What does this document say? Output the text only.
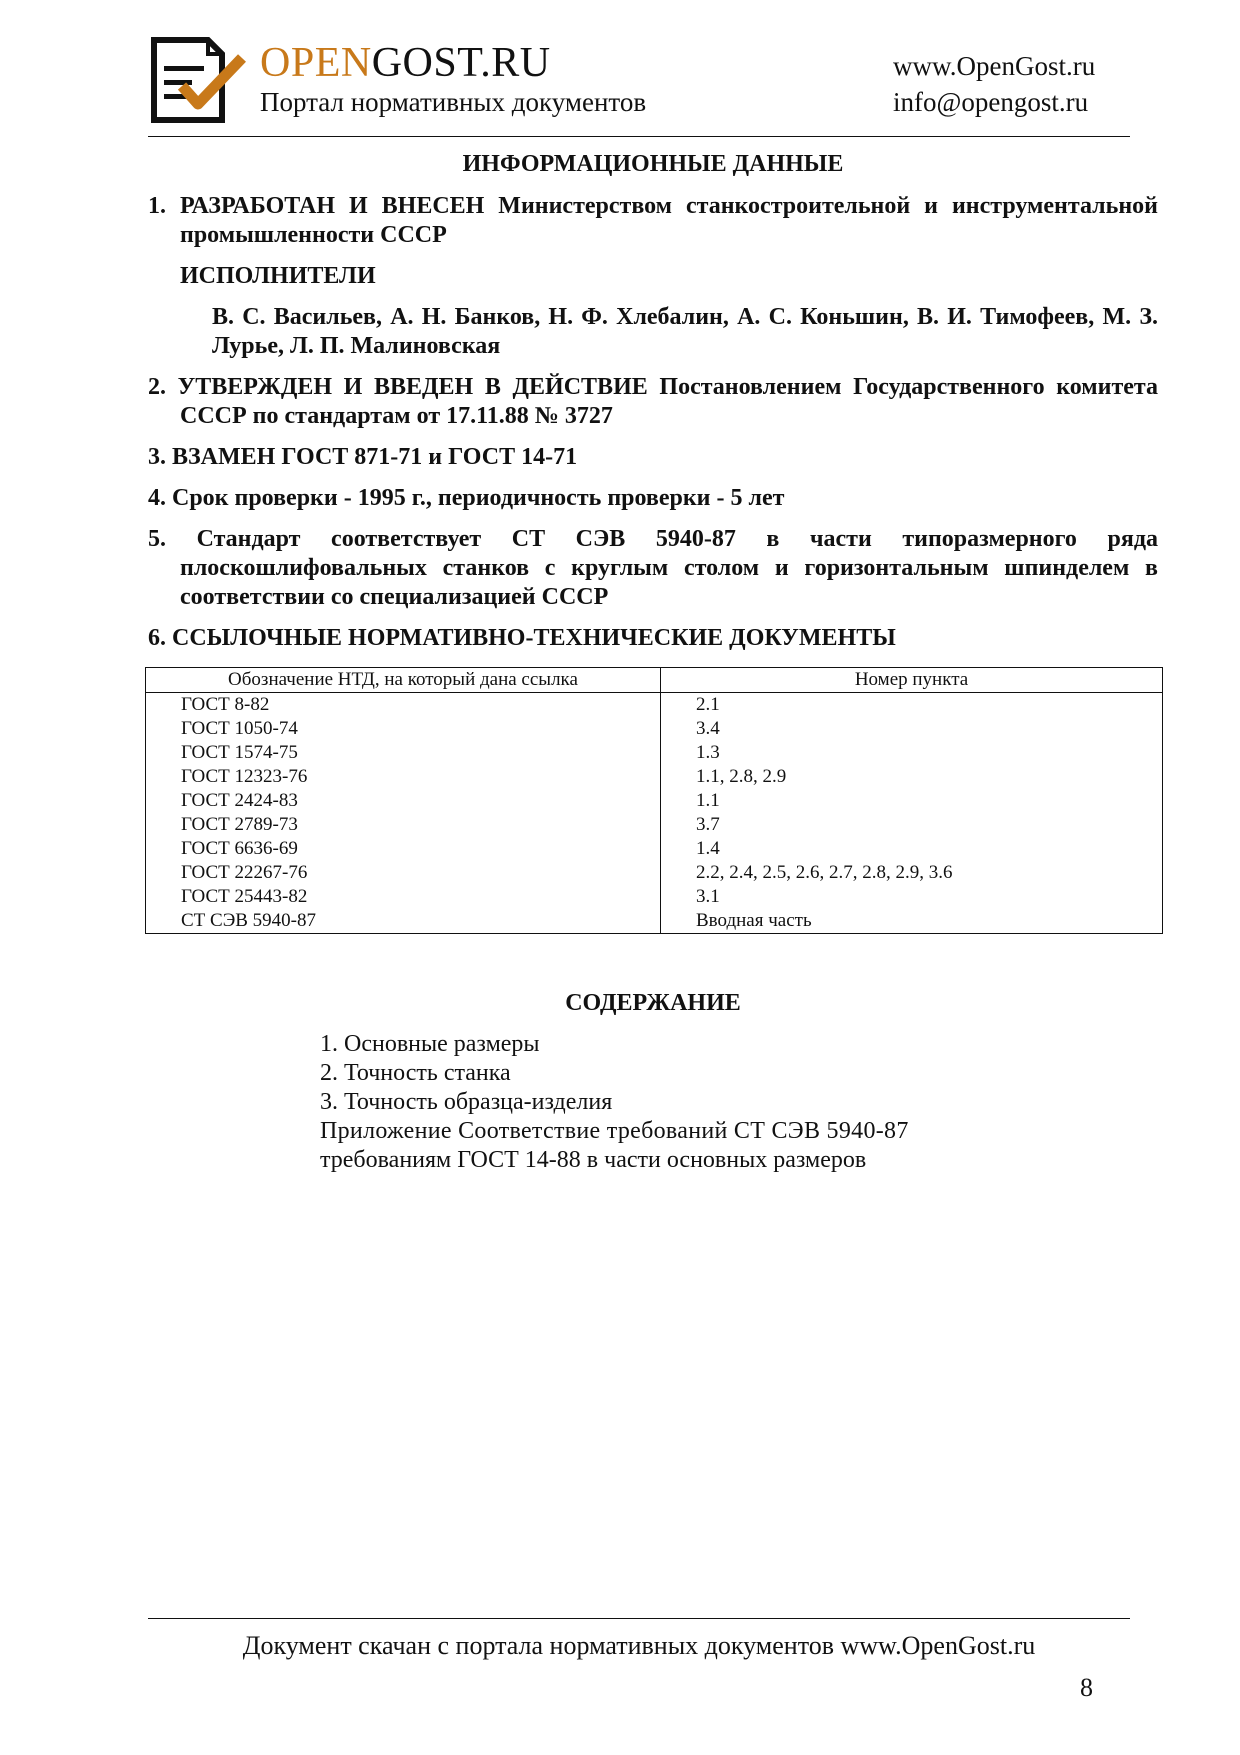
OPENGOST.RU
Портал нормативных документов
www.OpenGost.ru
info@opengost.ru
ИНФОРМАЦИОННЫЕ ДАННЫЕ
1. РАЗРАБОТАН И ВНЕСЕН Министерством станкостроительной и инструментальной промышленности СССР
ИСПОЛНИТЕЛИ
В. С. Васильев, А. Н. Банков, Н. Ф. Хлебалин, А. С. Коньшин, В. И. Тимофеев, М. З. Лурье, Л. П. Малиновская
2. УТВЕРЖДЕН И ВВЕДЕН В ДЕЙСТВИЕ Постановлением Государственного комитета СССР по стандартам от 17.11.88 № 3727
3. ВЗАМЕН ГОСТ 871-71 и ГОСТ 14-71
4. Срок проверки - 1995 г., периодичность проверки - 5 лет
5. Стандарт соответствует СТ СЭВ 5940-87 в части типоразмерного ряда плоскошлифовальных станков с круглым столом и горизонтальным шпинделем в соответствии со специализацией СССР
6. ССЫЛОЧНЫЕ НОРМАТИВНО-ТЕХНИЧЕСКИЕ ДОКУМЕНТЫ
Обозначение НТД, на который дана ссылка	Номер пункта
ГОСТ 8-82	2.1
ГОСТ 1050-74	3.4
ГОСТ 1574-75	1.3
ГОСТ 12323-76	1.1, 2.8, 2.9
ГОСТ 2424-83	1.1
ГОСТ 2789-73	3.7
ГОСТ 6636-69	1.4
ГОСТ 22267-76	2.2, 2.4, 2.5, 2.6, 2.7, 2.8, 2.9, 3.6
ГОСТ 25443-82	3.1
СТ СЭВ 5940-87	Вводная часть
СОДЕРЖАНИЕ
1. Основные размеры
2. Точность станка
3. Точность образца-изделия
Приложение Соответствие требований СТ СЭВ 5940-87
требованиям ГОСТ 14-88 в части основных размеров
Документ скачан с портала нормативных документов www.OpenGost.ru
8
